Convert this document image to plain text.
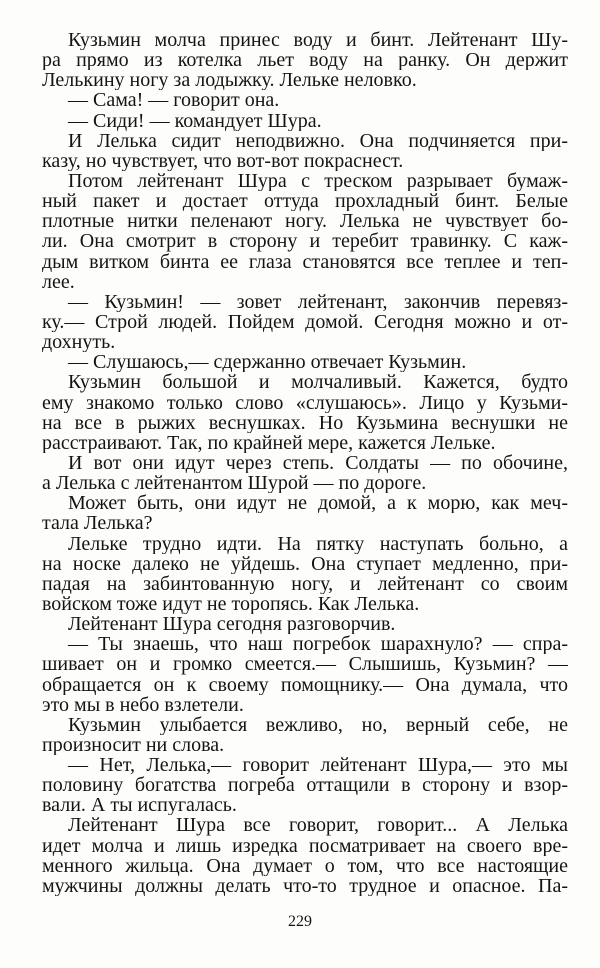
Кузьмин молча принес воду и бинт. Лейтенант Шу-
ра прямо из котелка льет воду на ранку. Он держит
Лелькину ногу за лодыжку. Лельке неловко.
— Сама! — говорит она.
— Сиди! — командует Шура.
И Лелька сидит неподвижно. Она подчиняется при-
казу, но чувствует, что вот-вот покраснест.
Потом лейтенант Шура с треском разрывает бумаж-
ный пакет и достает оттуда прохладный бинт. Белые
плотные нитки пеленают ногу. Лелька не чувствует бо-
ли. Она смотрит в сторону и теребит травинку. С каж-
дым витком бинта ее глаза становятся все теплее и теп-
лее.
— Кузьмин! — зовет лейтенант, закончив перевяз-
ку.— Строй людей. Пойдем домой. Сегодня можно и от-
дохнуть.
— Слушаюсь,— сдержанно отвечает Кузьмин.
Кузьмин большой и молчаливый. Кажется, будто
ему знакомо только слово «слушаюсь». Лицо у Кузьми-
на все в рыжих веснушках. Но Кузьмина веснушки не
расстраивают. Так, по крайней мере, кажется Лельке.
И вот они идут через степь. Солдаты — по обочине,
а Лелька с лейтенантом Шурой — по дороге.
Может быть, они идут не домой, а к морю, как меч-
тала Лелька?
Лельке трудно идти. На пятку наступать больно, а
на носке далеко не уйдешь. Она ступает медленно, при-
падая на забинтованную ногу, и лейтенант со своим
войском тоже идут не торопясь. Как Лелька.
Лейтенант Шура сегодня разговорчив.
— Ты знаешь, что наш погребок шарахнуло? — спра-
шивает он и громко смеется.— Слышишь, Кузьмин? —
обращается он к своему помощнику.— Она думала, что
это мы в небо взлетели.
Кузьмин улыбается вежливо, но, верный себе, не
произносит ни слова.
— Нет, Лелька,— говорит лейтенант Шура,— это мы
половину богатства погреба оттащили в сторону и взор-
вали. А ты испугалась.
Лейтенант Шура все говорит, говорит... А Лелька
идет молча и лишь изредка посматривает на своего вре-
менного жильца. Она думает о том, что все настоящие
мужчины должны делать что-то трудное и опасное. Па-
229
